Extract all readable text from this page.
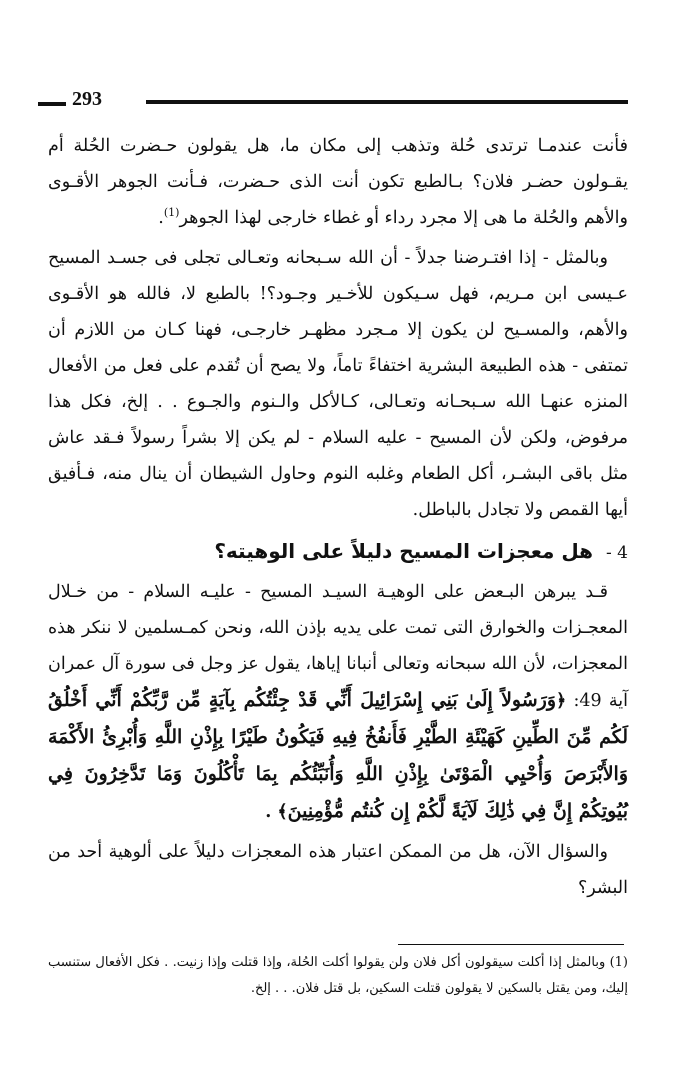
293

فأنت عندمـا ترتدى حُلة وتذهب إلى مكان ما، هل يقولون حـضرت الحُلة أم يقـولون حضـر فلان؟ بـالطبع تكون أنت الذى حـضرت، فـأنت الجوهر الأقـوى والأهم والحُلة ما هى إلا مجرد رداء أو غطاء خارجى لهذا الجوهر$^{(1)}$.

وبالمثل - إذا افتـرضنا جدلاً - أن الله سـبحانه وتعـالى تجلى فى جسـد المسيح عـيسى ابن مـريم، فهل سـيكون للأخـير وجـود؟! بالطبع لا، فالله هو الأقـوى والأهم، والمسـيح لن يكون إلا مـجرد مظهـر خارجـى، فهنا كـان من اللازم أن تمتفى - هذه الطبيعة البشرية اختفاءً تاماً، ولا يصح أن تُقدم على فعل من الأفعال المنزه عنهـا الله سـبحـانه وتعـالى، كـالأكل والـنوم والجـوع . . إلخ، فكل هذا مرفوض، ولكن لأن المسيح - عليه السلام - لم يكن إلا بشراً رسولاً فـقد عاش مثل باقى البشـر، أكل الطعام وغلبه النوم وحاول الشيطان أن ينال منه، فـأفيق أيها القمص ولا تجادل بالباطل.

4 - هل معجزات المسيح دليلاً على الوهيته؟

قـد يبرهن البـعض على الوهيـة السيـد المسيح - عليـه السلام - من خـلال المعجـزات والخوارق التى تمت على يديه بإذن الله، ونحن كمـسلمين لا ننكر هذه المعجزات، لأن الله سبحانه وتعالى أنبانا إياها، يقول عز وجل فى سورة آل عمران آية 49: ﴿وَرَسُولاً إِلَىٰ بَنِي إِسْرَائِيلَ أَنِّي قَدْ جِئْتُكُم بِآيَةٍ مِّن رَّبِّكُمْ أَنِّي أَخْلُقُ لَكُم مِّنَ الطِّينِ كَهَيْئَةِ الطَّيْرِ فَأَنفُخُ فِيهِ فَيَكُونُ طَيْرًا بِإِذْنِ اللَّهِ وَأُبْرِئُ الأَكْمَهَ وَالأَبْرَصَ وَأُحْيِي الْمَوْتَىٰ بِإِذْنِ اللَّهِ وَأُنَبِّئُكُم بِمَا تَأْكُلُونَ وَمَا تَدَّخِرُونَ فِي بُيُوتِكُمْ إِنَّ فِي ذَٰلِكَ لَآيَةً لَّكُمْ إِن كُنتُم مُّؤْمِنِينَ﴾ .

والسؤال الآن، هل من الممكن اعتبار هذه المعجزات دليلاً على ألوهية أحد من البشر؟

(1) وبالمثل إذا أكلت سيقولون أكل فلان ولن يقولوا أكلت الحُلة، وإذا قتلت وإذا زنيت. . فكل الأفعال ستنسب إليك، ومن يقتل بالسكين لا يقولون قتلت السكين، بل قتل فلان. . . إلخ.
